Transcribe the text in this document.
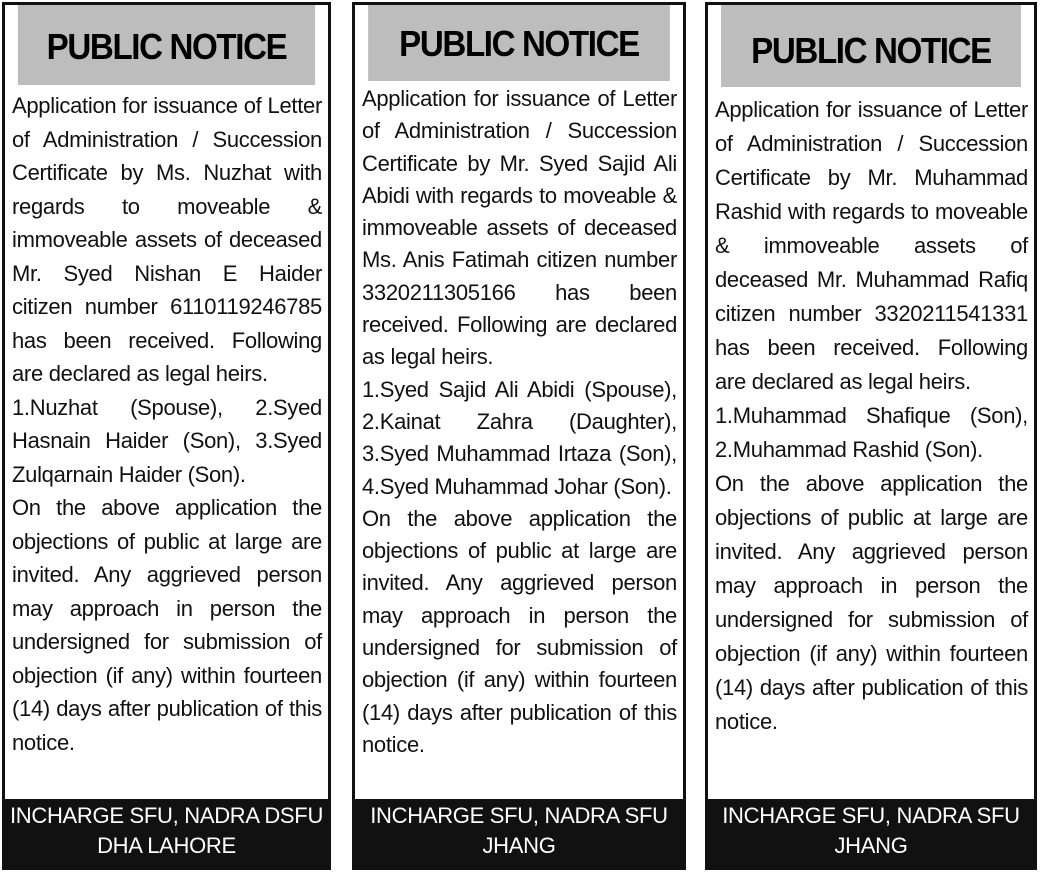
PUBLIC NOTICE

Application for issuance of Letter of Administration / Succession Certificate by Ms. Nuzhat with regards to moveable & immoveable assets of deceased Mr. Syed Nishan E Haider citizen number 6110119246785 has been received. Following are declared as legal heirs.

1.Nuzhat (Spouse), 2.Syed Hasnain Haider (Son), 3.Syed Zulqarnain Haider (Son).

On the above application the objections of public at large are invited. Any aggrieved person may approach in person the undersigned for submission of objection (if any) within fourteen (14) days after publication of this notice.

INCHARGE SFU, NADRA DSFU DHA LAHORE
PUBLIC NOTICE

Application for issuance of Letter of Administration / Succession Certificate by Mr. Syed Sajid Ali Abidi with regards to moveable & immoveable assets of deceased Ms. Anis Fatimah citizen number 3320211305166 has been received. Following are declared as legal heirs.

1.Syed Sajid Ali Abidi (Spouse), 2.Kainat Zahra (Daughter), 3.Syed Muhammad Irtaza (Son), 4.Syed Muhammad Johar (Son).

On the above application the objections of public at large are invited. Any aggrieved person may approach in person the undersigned for submission of objection (if any) within fourteen (14) days after publication of this notice.

INCHARGE SFU, NADRA SFU JHANG
PUBLIC NOTICE

Application for issuance of Letter of Administration / Succession Certificate by Mr. Muhammad Rashid with regards to moveable & immoveable assets of deceased Mr. Muhammad Rafiq citizen number 3320211541331 has been received. Following are declared as legal heirs.

1.Muhammad Shafique (Son), 2.Muhammad Rashid (Son).

On the above application the objections of public at large are invited. Any aggrieved person may approach in person the undersigned for submission of objection (if any) within fourteen (14) days after publication of this notice.

INCHARGE SFU, NADRA SFU JHANG
